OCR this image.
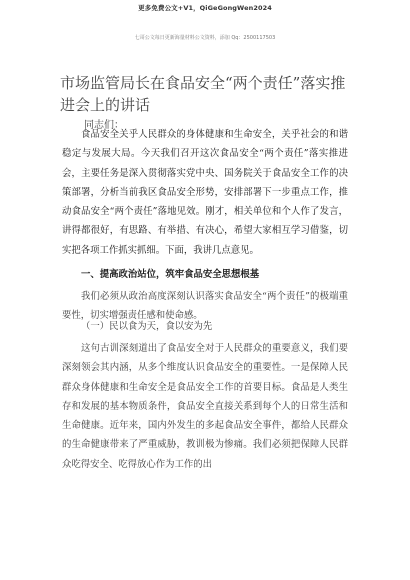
更多免费公文+V1，QiGeGongWen2024
七哥公文每日更新海量材料公文资料，添加 Qq：2500117503
市场监管局长在食品安全“两个责任”落实推进会上的讲话
同志们：

食品安全关乎人民群众的身体健康和生命安全，关乎社会的和谐稳定与发展大局。今天我们召开这次食品安全“两个责任”落实推进会，主要任务是深入贯彻落实党中央、国务院关于食品安全工作的决策部署，分析当前我区食品安全形势，安排部署下一步重点工作，推动食品安全“两个责任”落地见效。刚才，相关单位和个人作了发言，讲得都很好，有思路、有举措、有决心，希望大家相互学习借鉴，切实把各项工作抓实抓细。下面，我讲几点意见。

一、提高政治站位，筑牢食品安全思想根基

我们必须从政治高度深刻认识落实食品安全“两个责任”的极端重要性，切实增强责任感和使命感。

（一）民以食为天，食以安为先

这句古训深刻道出了食品安全对于人民群众的重要意义，我们要深刻领会其内涵，从多个维度认识食品安全的重要性。一是保障人民群众身体健康和生命安全是食品安全工作的首要目标。食品是人类生存和发展的基本物质条件，食品安全直接关系到每个人的日常生活和生命健康。近年来，国内外发生的多起食品安全事件，都给人民群众的生命健康带来了严重威胁，教训极为惨痛。我们必须把保障人民群众吃得安全、吃得放心作为工作的出
